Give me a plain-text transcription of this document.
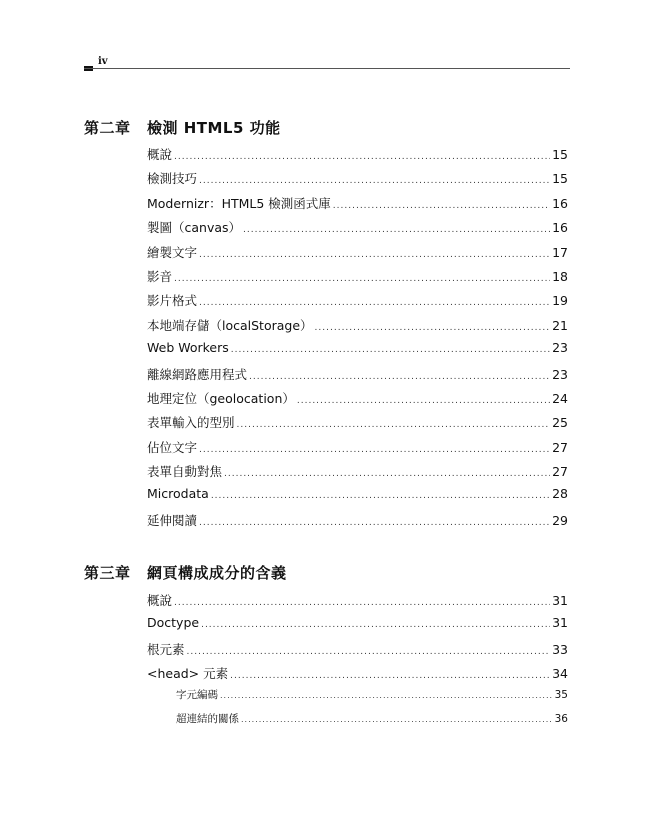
iv
第二章 檢測 HTML5 功能
概說 .....	15
檢測技巧 .....	15
Modernizr：HTML5 檢測函式庫 .....	16
製圖（canvas） .....	16
繪製文字 .....	17
影音 .....	18
影片格式 .....	19
本地端存儲（localStorage） .....	21
Web Workers .....	23
離線網路應用程式 .....	23
地理定位（geolocation） .....	24
表單輸入的型別 .....	25
佔位文字 .....	27
表單自動對焦 .....	27
Microdata .....	28
延伸閱讀 .....	29
第三章 網頁構成成分的含義
概說 .....	31
Doctype .....	31
根元素 .....	33
<head> 元素 .....	34
字元編碼 .....	35
超連結的關係 .....	36
